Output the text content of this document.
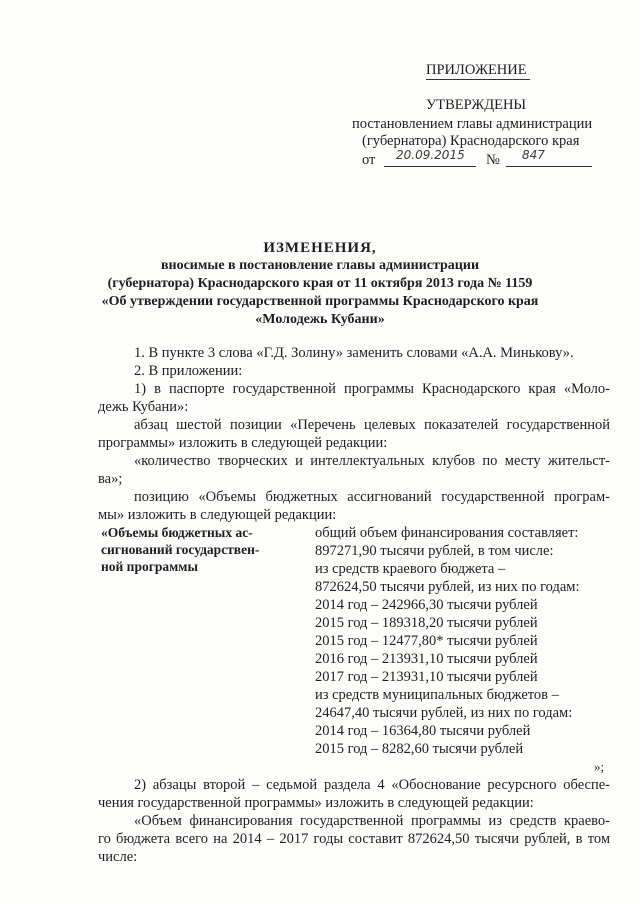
ПРИЛОЖЕНИЕ
УТВЕРЖДЕНЫ
постановлением главы администрации
(губернатора) Краснодарского края
от 20.09.2015 № 847
ИЗМЕНЕНИЯ,
вносимые в постановление главы администрации
(губернатора) Краснодарского края от 11 октября 2013 года № 1159
«Об утверждении государственной программы Краснодарского края
«Молодежь Кубани»
1. В пункте 3 слова «Г.Д. Золину» заменить словами «А.А. Минькову».
2. В приложении:
1) в паспорте государственной программы Краснодарского края «Моло-
дежь Кубани»:
абзац шестой позиции «Перечень целевых показателей государственной
программы» изложить в следующей редакции:
«количество творческих и интеллектуальных клубов по месту жительст-
ва»;
позицию «Объемы бюджетных ассигнований государственной програм-
мы» изложить в следующей редакции:
«Объемы бюджетных ас-
сигнований государствен-
ной программы
общий объем финансирования составляет:
897271,90 тысячи рублей, в том числе:
из средств краевого бюджета –
872624,50 тысячи рублей, из них по годам:
2014 год – 242966,30 тысячи рублей
2015 год – 189318,20 тысячи рублей
2015 год – 12477,80* тысячи рублей
2016 год – 213931,10 тысячи рублей
2017 год – 213931,10 тысячи рублей
из средств муниципальных бюджетов –
24647,40 тысячи рублей, из них по годам:
2014 год – 16364,80 тысячи рублей
2015 год – 8282,60 тысячи рублей
»;
2) абзацы второй – седьмой раздела 4 «Обоснование ресурсного обеспе-
чения государственной программы» изложить в следующей редакции:
«Объем финансирования государственной программы из средств краево-
го бюджета всего на 2014 – 2017 годы составит 872624,50 тысячи рублей, в том
числе:
